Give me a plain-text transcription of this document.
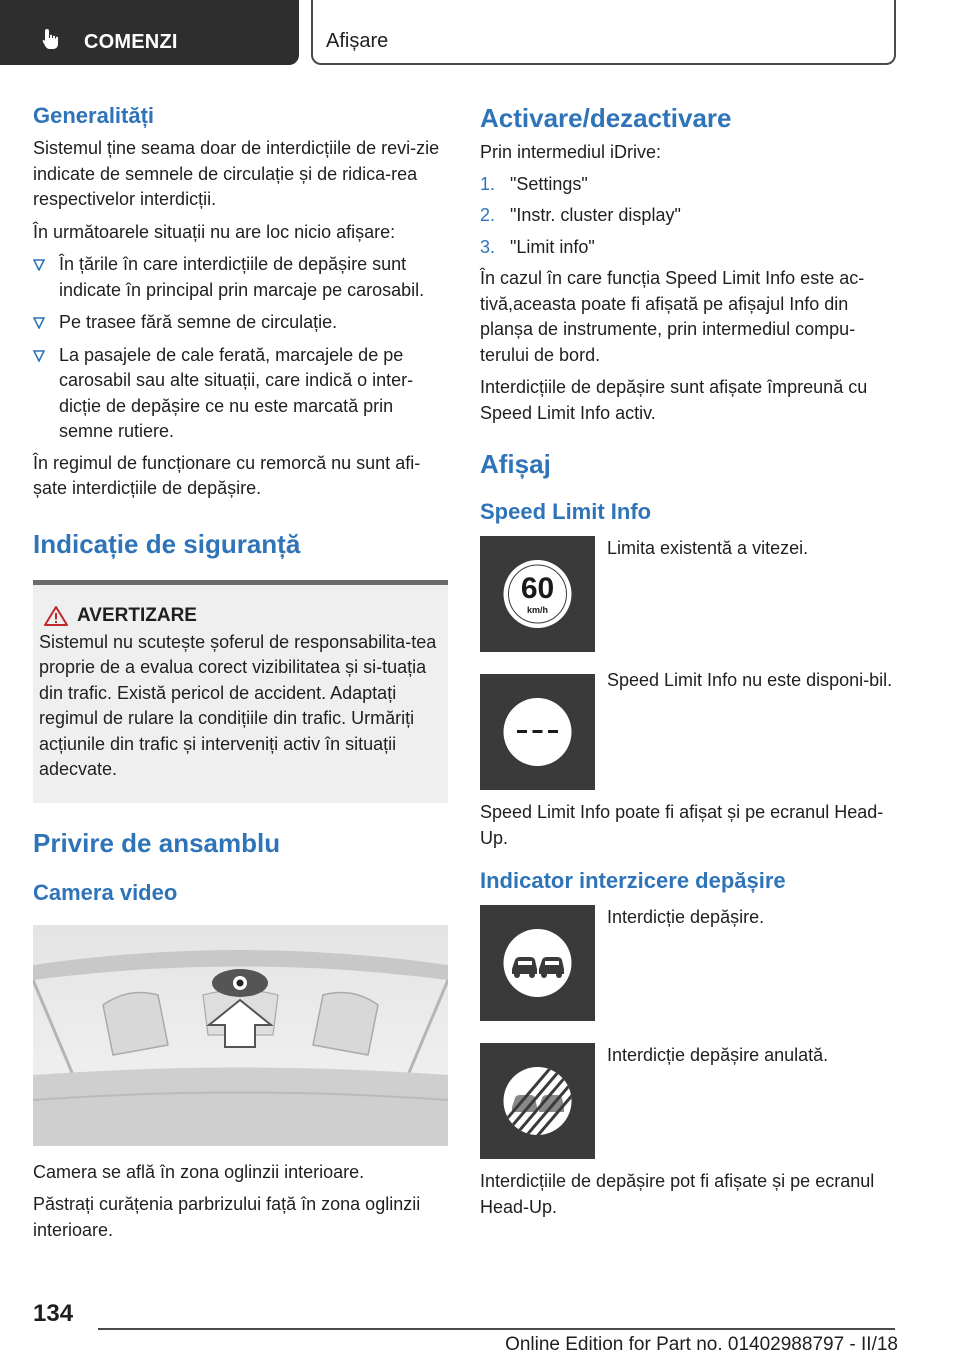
COMENZI	Afișare
Generalități

Sistemul ține seama doar de interdicțiile de revi‐zie indicate de semnele de circulație și de ridica‐rea respectivelor interdicții.

În următoarele situații nu are loc nicio afișare:

În țările în care interdicțiile de depășire sunt indicate în principal prin marcaje pe carosabil.
Pe trasee fără semne de circulație.
La pasajele de cale ferată, marcajele de pe carosabil sau alte situații, care indică o inter‐dicție de depășire ce nu este marcată prin semne rutiere.

În regimul de funcționare cu remorcă nu sunt afi‐șate interdicțiile de depășire.

Indicație de siguranță
AVERTIZARE

Sistemul nu scutește șoferul de responsabilita‐tea proprie de a evalua corect vizibilitatea și si‐tuația din trafic. Există pericol de accident. Adaptați regimul de rulare la condițiile din trafic. Urmăriți acțiunile din trafic și interveniți activ în situații adecvate.

Privire de ansamblu
Camera video

Camera se află în zona oglinzii interioare.

Păstrați curățenia parbrizului față în zona oglinzii interioare.

Activare/dezactivare

Prin intermediul iDrive:

1. "Settings"
2. "Instr. cluster display"
3. "Limit info"

În cazul în care funcția Speed Limit Info este ac‐tivă,aceasta poate fi afișată pe afișajul Info din planșa de instrumente, prin intermediul compu‐terului de bord.

Interdicțiile de depășire sunt afișate împreună cu Speed Limit Info activ.

Afișaj
Speed Limit Info
60
km/h

Limita existentă a vitezei.

Speed Limit Info nu este disponi‐bil.

Speed Limit Info poate fi afișat și pe ecranul Head-Up.

Indicator interzicere depășire

Interdicție depășire.

Interdicție depășire anulată.

Interdicțiile de depășire pot fi afișate și pe ecranul Head-Up.

134
Online Edition for Part no. 01402988797 - II/18
